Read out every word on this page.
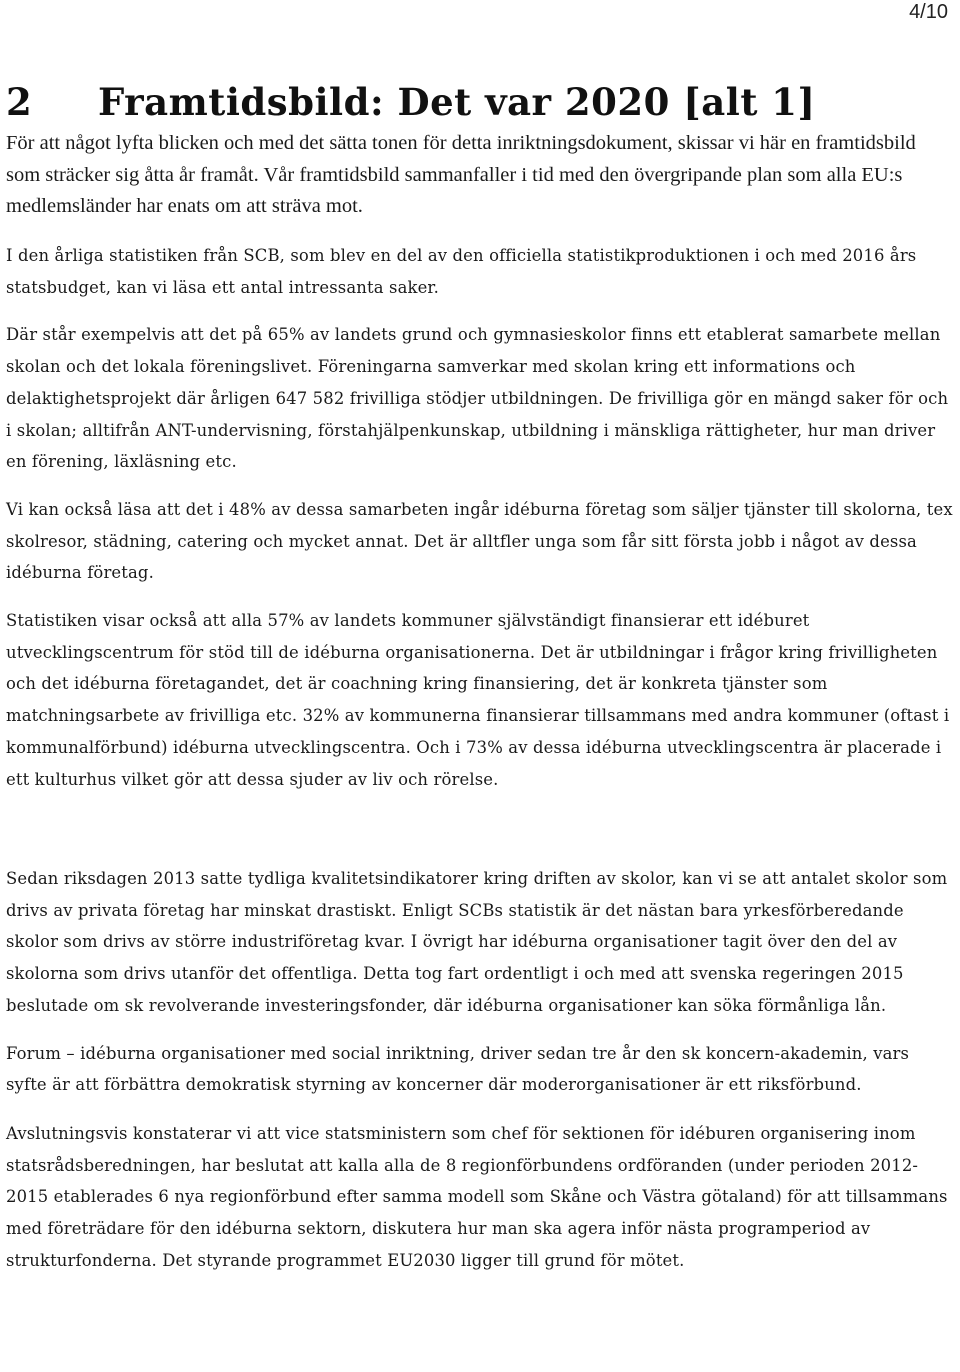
4/10
2 Framtidsbild: Det var 2020 [alt 1]

För att något lyfta blicken och med det sätta tonen för detta inriktningsdokument, skissar vi här en framtidsbild som sträcker sig åtta år framåt. Vår framtidsbild sammanfaller i tid med den övergripande plan som alla EU:s medlemsländer har enats om att sträva mot.

I den årliga statistiken från SCB, som blev en del av den officiella statistikproduktionen i och med 2016 års statsbudget, kan vi läsa ett antal intressanta saker.

Där står exempelvis att det på 65% av landets grund och gymnasieskolor finns ett etablerat samarbete mellan skolan och det lokala föreningslivet. Föreningarna samverkar med skolan kring ett informations och delaktighetsprojekt där årligen 647 582 frivilliga stödjer utbildningen. De frivilliga gör en mängd saker för och i skolan; alltifrån ANT-undervisning, förstahjälpenkunskap, utbildning i mänskliga rättigheter, hur man driver en förening, läxläsning etc.

Vi kan också läsa att det i 48% av dessa samarbeten ingår idéburna företag som säljer tjänster till skolorna, tex skolresor, städning, catering och mycket annat. Det är alltfler unga som får sitt första jobb i något av dessa idéburna företag.

Statistiken visar också att alla 57% av landets kommuner självständigt finansierar ett idéburet utvecklingscentrum för stöd till de idéburna organisationerna. Det är utbildningar i frågor kring frivilligheten och det idéburna företagandet, det är coachning kring finansiering, det är konkreta tjänster som matchningsarbete av frivilliga etc. 32% av kommunerna finansierar tillsammans med andra kommuner (oftast i kommunalförbund) idéburna utvecklingscentra. Och i 73% av dessa idéburna utvecklingscentra är placerade i ett kulturhus vilket gör att dessa sjuder av liv och rörelse.

Sedan riksdagen 2013 satte tydliga kvalitetsindikatorer kring driften av skolor, kan vi se att antalet skolor som drivs av privata företag har minskat drastiskt. Enligt SCBs statistik är det nästan bara yrkesförberedande skolor som drivs av större industriföretag kvar. I övrigt har idéburna organisationer tagit över den del av skolorna som drivs utanför det offentliga. Detta tog fart ordentligt i och med att svenska regeringen 2015 beslutade om sk revolverande investeringsfonder, där idéburna organisationer kan söka förmånliga lån.

Forum – idéburna organisationer med social inriktning, driver sedan tre år den sk koncern-akademin, vars syfte är att förbättra demokratisk styrning av koncerner där moderorganisationer är ett riksförbund.

Avslutningsvis konstaterar vi att vice statsministern som chef för sektionen för idéburen organisering inom statsrådsberedningen, har beslutat att kalla alla de 8 regionförbundens ordföranden (under perioden 2012-2015 etablerades 6 nya regionförbund efter samma modell som Skåne och Västra götaland) för att tillsammans med företrädare för den idéburna sektorn, diskutera hur man ska agera inför nästa programperiod av strukturfonderna. Det styrande programmet EU2030 ligger till grund för mötet.
